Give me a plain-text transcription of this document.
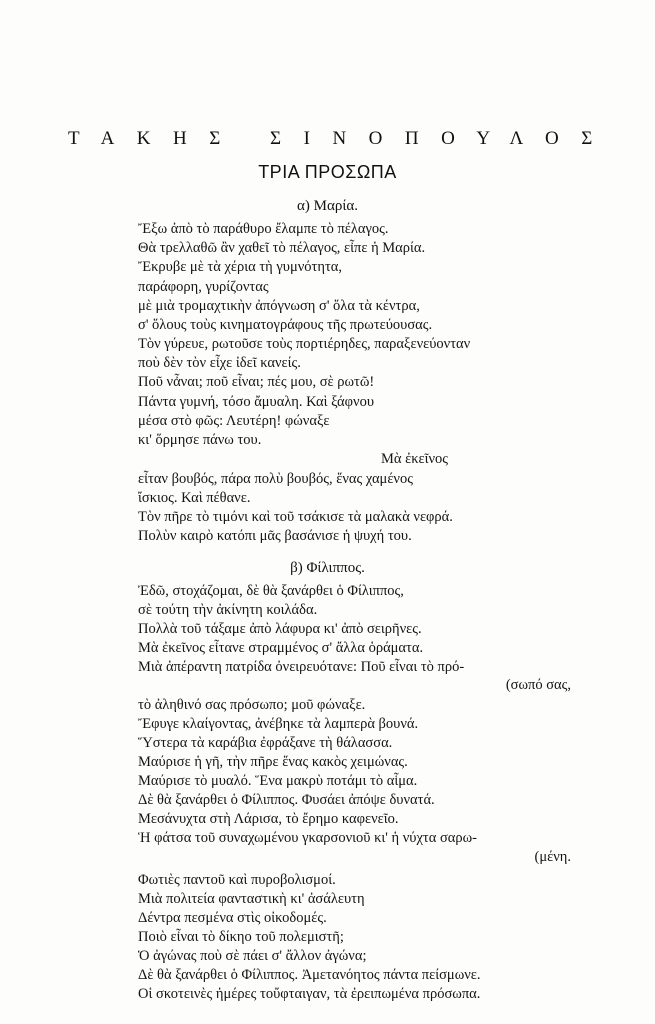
ΤΑΚΗΣ ΣΙΝΟΠΟΥΛΟΣ
ΤΡΙΑ ΠΡΟΣΩΠΑ
α) Μαρία.
Ἔξω ἀπὸ τὸ παράθυρο ἔλαμπε τὸ πέλαγος.
Θὰ τρελλαθῶ ἂν χαθεῖ τὸ πέλαγος, εἶπε ἡ Μαρία.
Ἔκρυβε μὲ τὰ χέρια τὴ γυμνότητα,
παράφορη, γυρίζοντας
μὲ μιὰ τρομαχτικὴν ἀπόγνωση σ' ὅλα τὰ κέντρα,
σ' ὅλους τοὺς κινηματογράφους τῆς πρωτεύουσας.
Τὸν γύρευε, ρωτοῦσε τοὺς πορτιέρηδες, παραξενεύονταν
ποὺ δὲν τὸν εἶχε ἰδεῖ κανείς.
Ποῦ νἆναι; ποῦ εἶναι; πές μου, σὲ ρωτῶ!
Πάντα γυμνή, τόσο ἄμυαλη. Καὶ ξάφνου
μέσα στὸ φῶς: Λευτέρη! φώναξε
κι' ὅρμησε πάνω του.
Μὰ ἐκεῖνος
εἶταν βουβός, πάρα πολὺ βουβός, ἕνας χαμένος
ἴσκιος. Καὶ πέθανε.
Τὸν πῆρε τὸ τιμόνι καὶ τοῦ τσάκισε τὰ μαλακὰ νεφρά.
Πολὺν καιρὸ κατόπι μᾶς βασάνισε ἡ ψυχή του.
β) Φίλιππος.
Ἐδῶ, στοχάζομαι, δὲ θὰ ξανάρθει ὁ Φίλιππος,
σὲ τούτη τὴν ἀκίνητη κοιλάδα.
Πολλὰ τοῦ τάξαμε ἀπὸ λάφυρα κι' ἀπὸ σειρῆνες.
Μὰ ἐκεῖνος εἶτανε στραμμένος σ' ἄλλα ὁράματα.
Μιὰ ἀπέραντη πατρίδα ὀνειρευότανε: Ποῦ εἶναι τὸ πρό-
(σωπό σας,
τὸ ἀληθινό σας πρόσωπο; μοῦ φώναξε.
Ἔφυγε κλαίγοντας, ἀνέβηκε τὰ λαμπερὰ βουνά.
Ὕστερα τὰ καράβια ἐφράξανε τὴ θάλασσα.
Μαύρισε ἡ γῆ, τὴν πῆρε ἕνας κακὸς χειμώνας.
Μαύρισε τὸ μυαλό. Ἕνα μακρὺ ποτάμι τὸ αἷμα.
Δὲ θὰ ξανάρθει ὁ Φίλιππος. Φυσάει ἀπόψε δυνατά.
Μεσάνυχτα στὴ Λάρισα, τὸ ἔρημο καφενεῖο.
Ἡ φάτσα τοῦ συναχωμένου γκαρσονιοῦ κι' ἡ νύχτα σαρω-
(μένη.
Φωτιὲς παντοῦ καὶ πυροβολισμοί.
Μιὰ πολιτεία φανταστικὴ κι' ἀσάλευτη
Δέντρα πεσμένα στὶς οἰκοδομές.
Ποιὸ εἶναι τὸ δίκηο τοῦ πολεμιστῆ;
Ὁ ἀγώνας ποὺ σὲ πάει σ' ἄλλον ἀγώνα;
Δὲ θὰ ξανάρθει ὁ Φίλιππος. Ἀμετανόητος πάντα πείσμωνε.
Οἱ σκοτεινὲς ἡμέρες τοὔφταιγαν, τὰ ἐρειπωμένα πρόσωπα.
